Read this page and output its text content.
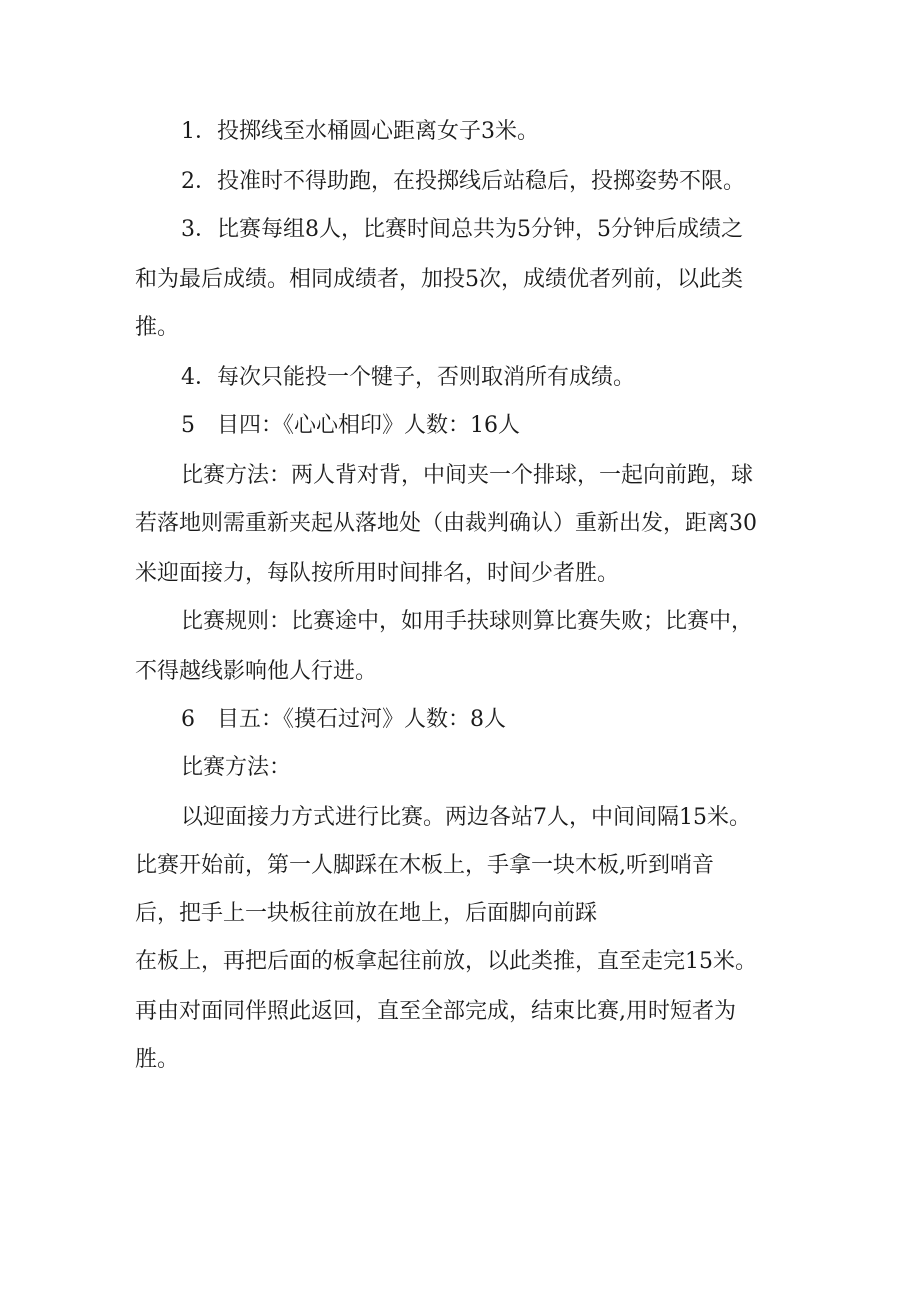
1．投掷线至水桶圆心距离女子3米。
2．投准时不得助跑，在投掷线后站稳后，投掷姿势不限。
3．比赛每组8人，比赛时间总共为5分钟，5分钟后成绩之
和为最后成绩。相同成绩者，加投5次，成绩优者列前，以此类
推。
4．每次只能投一个犍子，否则取消所有成绩。
5　目四：《心心相印》人数：16人
比赛方法：两人背对背，中间夹一个排球，一起向前跑，球
若落地则需重新夹起从落地处（由裁判确认）重新出发，距离30
米迎面接力，每队按所用时间排名，时间少者胜。
比赛规则：比赛途中，如用手扶球则算比赛失败；比赛中，
不得越线影响他人行进。
6　目五：《摸石过河》人数：8人
比赛方法：
以迎面接力方式进行比赛。两边各站7人，中间间隔15米。
比赛开始前，第一人脚踩在木板上，手拿一块木板,听到哨音
后，把手上一块板往前放在地上，后面脚向前踩
在板上，再把后面的板拿起往前放，以此类推，直至走完15米。
再由对面同伴照此返回，直至全部完成，结束比赛,用时短者为
胜。
